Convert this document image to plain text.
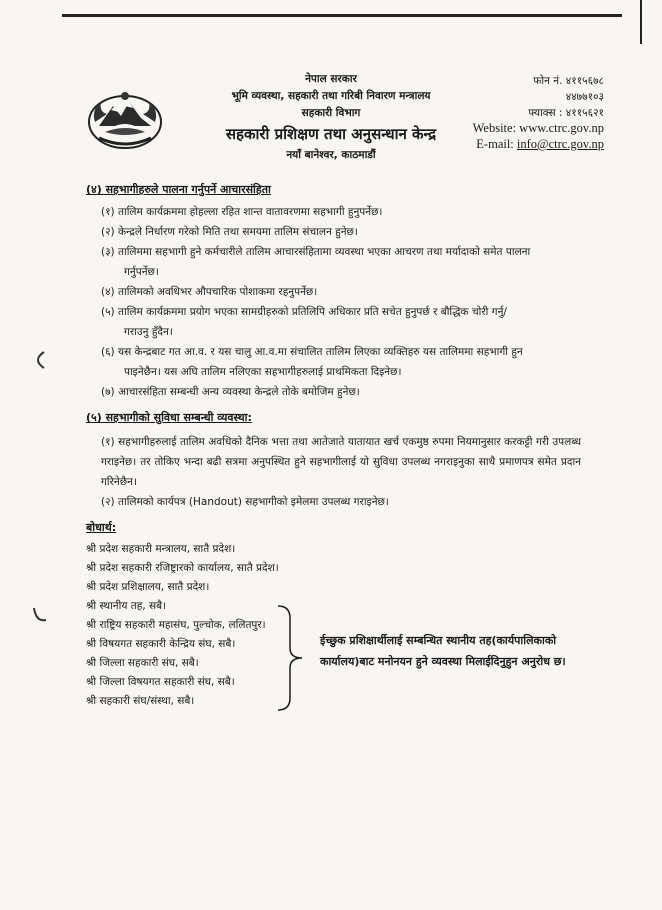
नेपाल सरकार
भूमि व्यवस्था, सहकारी तथा गरिबी निवारण मन्त्रालय
सहकारी विभाग
सहकारी प्रशिक्षण तथा अनुसन्धान केन्द्र
नयाँ बानेश्वर, काठमाडौं
फोन नं. ४११५६७८
४४७७१०३
फ्याक्स : ४११५६२१
Website: www.ctrc.gov.np
E-mail: info@ctrc.gov.np
(४) सहभागीहरुले पालना गर्नुपर्ने आचारसंहिता
(१) तालिम कार्यक्रममा होहल्ला रहित शान्त वातावरणमा सहभागी हुनुपर्नेछ।
(२) केन्द्रले निर्धारण गरेको मिति तथा समयमा तालिम संचालन हुनेछ।
(३) तालिममा सहभागी हुने कर्मचारीले तालिम आचारसंहितामा व्यवस्था भएका आचरण तथा मर्यादाको समेत पालना
गर्नुपर्नेछ।
(४) तालिमको अवधिभर औपचारिक पोशाकमा रहनुपर्नेछ।
(५) तालिम कार्यक्रममा प्रयोग भएका सामग्रीहरुको प्रतिलिपि अधिकार प्रति सचेत हुनुपर्छ र बौद्धिक चोरी गर्नु/
गराउनु हुँदैन।
(६) यस केन्द्रबाट गत आ.व. र यस चालु आ.व.मा संचालित तालिम लिएका व्यक्तिहरु यस तालिममा सहभागी हुन
पाइनेछैन। यस अघि तालिम नलिएका सहभागीहरुलाई प्राथमिकता दिइनेछ।
(७) आचारसंहिता सम्बन्धी अन्य व्यवस्था केन्द्रले तोके बमोजिम हुनेछ।
(५) सहभागीको सुविधा सम्बन्धी व्यवस्था:
(१) सहभागीहरुलाई तालिम अवधिको दैनिक भत्ता तथा आतेजाते यातायात खर्च एकमुष्ठ रुपमा नियमानुसार करकट्टी गरी उपलब्ध गराइनेछ। तर तोकिए भन्दा बढी सत्रमा अनुपस्थित हुने सहभागीलाई यो सुविधा उपलब्ध नगराइनुका साथै प्रमाणपत्र समेत प्रदान गरिनेछैन।
(२) तालिमको कार्यपत्र (Handout) सहभागीको इमेलमा उपलब्ध गराइनेछ।
बोधार्थ:
श्री प्रदेश सहकारी मन्त्रालय, सातै प्रदेश।
श्री प्रदेश सहकारी रजिष्ट्रारको कार्यालय, सातै प्रदेश।
श्री प्रदेश प्रशिक्षालय, सातै प्रदेश।
श्री स्थानीय तह, सबै।
श्री राष्ट्रिय सहकारी महासंघ, पुल्चोक, ललितपुर।
श्री विषयगत सहकारी केन्द्रिय संघ, सबै।
श्री जिल्ला सहकारी संघ, सबै।
श्री जिल्ला विषयगत सहकारी संघ, सबै।
श्री सहकारी संघ/संस्था, सबै।
ईच्छुक प्रशिक्षार्थीलाई सम्बन्धित स्थानीय तह(कार्यपालिकाको कार्यालय)बाट मनोनयन हुने व्यवस्था मिलाईदिनुहुन अनुरोध छ।
